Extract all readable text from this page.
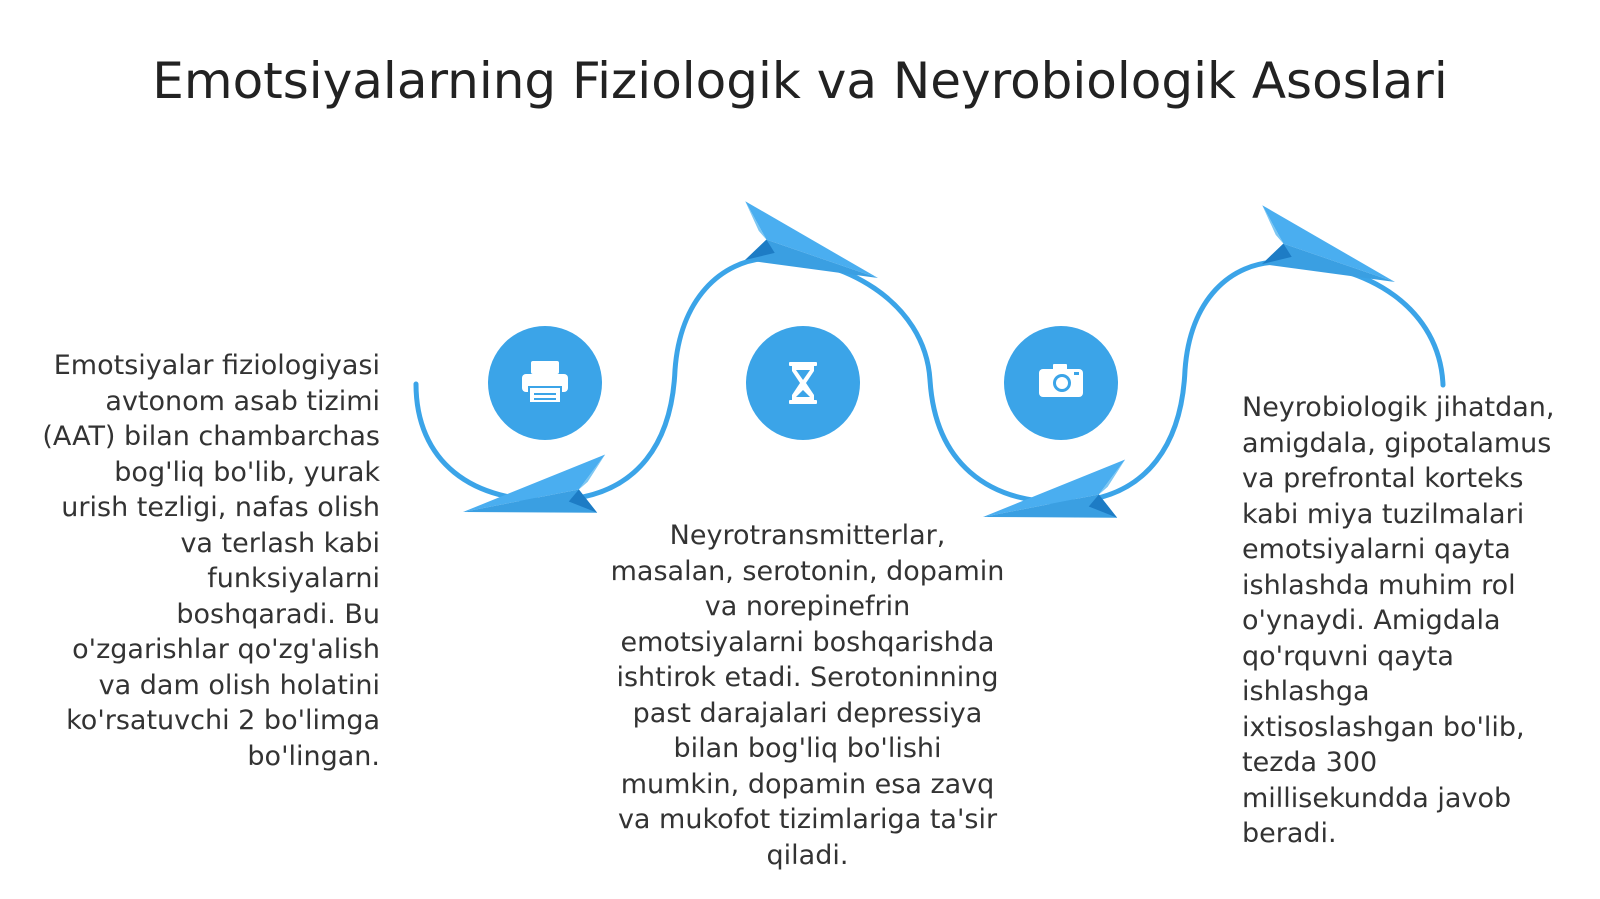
Emotsiyalarning Fiziologik va Neyrobiologik Asoslari
Emotsiyalar fiziologiyasi avtonom asab tizimi (AAT) bilan chambarchas bog'liq bo'lib, yurak urish tezligi, nafas olish va terlash kabi funksiyalarni boshqaradi. Bu o'zgarishlar qo'zg'alish va dam olish holatini ko'rsatuvchi 2 bo'limga bo'lingan.
Neyrotransmitterlar, masalan, serotonin, dopamin va norepinefrin emotsiyalarni boshqarishda ishtirok etadi. Serotoninning past darajalari depressiya bilan bog'liq bo'lishi mumkin, dopamin esa zavq va mukofot tizimlariga ta'sir qiladi.
Neyrobiologik jihatdan, amigdala, gipotalamus va prefrontal korteks kabi miya tuzilmalari emotsiyalarni qayta ishlashda muhim rol o'ynaydi. Amigdala qo'rquvni qayta ishlashga ixtisoslashgan bo'lib, tezda 300 millisekundda javob beradi.
